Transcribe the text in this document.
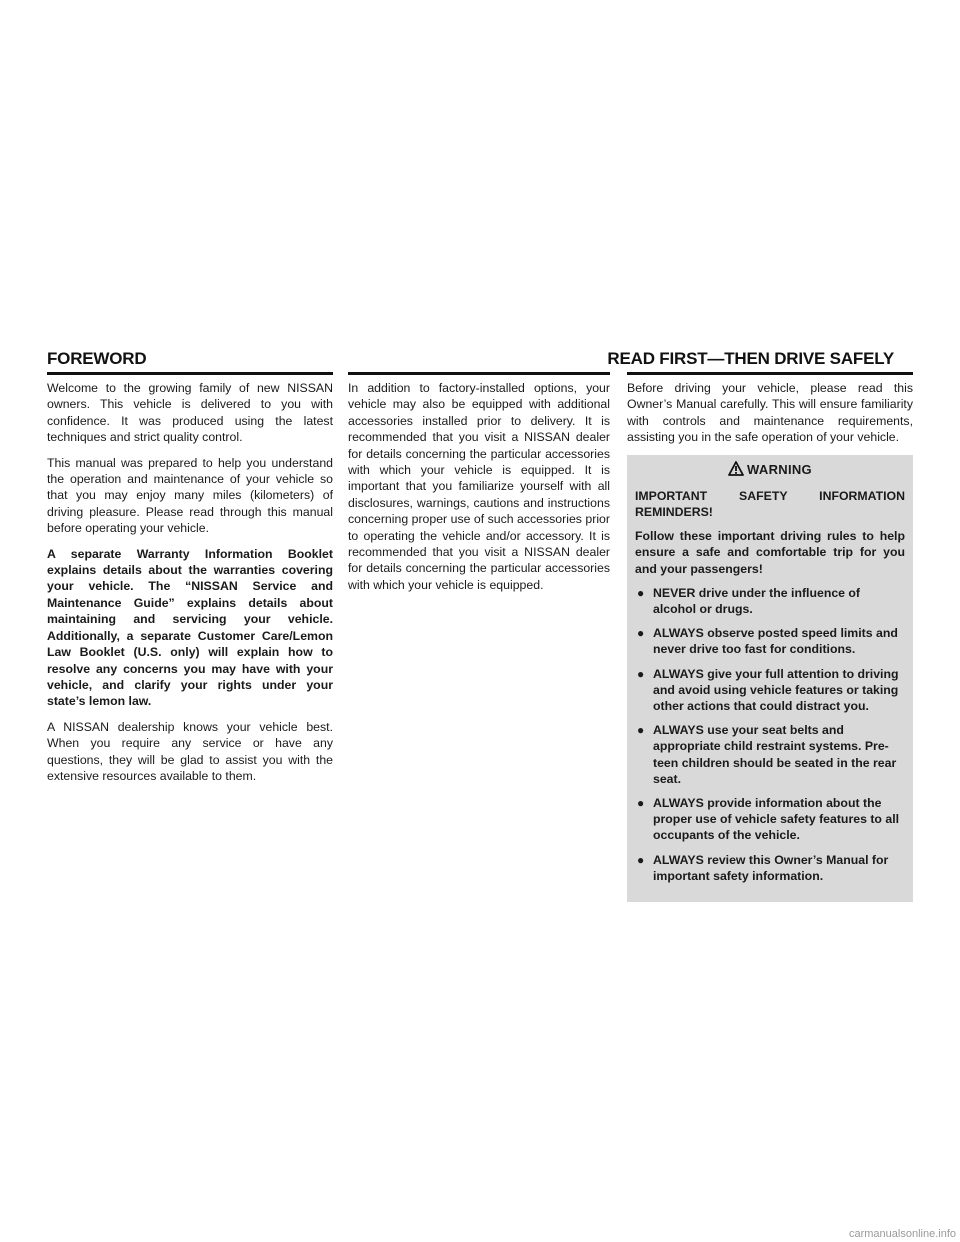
FOREWORD	READ FIRST—THEN DRIVE SAFELY

Welcome to the growing family of new NISSAN owners. This vehicle is delivered to you with confidence. It was produced using the latest techniques and strict quality control.

This manual was prepared to help you understand the operation and maintenance of your vehicle so that you may enjoy many miles (kilometers) of driving pleasure. Please read through this manual before operating your vehicle.

A separate Warranty Information Booklet explains details about the warranties covering your vehicle. The “NISSAN Service and Maintenance Guide” explains details about maintaining and servicing your vehicle. Additionally, a separate Customer Care/Lemon Law Booklet (U.S. only) will explain how to resolve any concerns you may have with your vehicle, and clarify your rights under your state’s lemon law.

A NISSAN dealership knows your vehicle best. When you require any service or have any questions, they will be glad to assist you with the extensive resources available to them.

In addition to factory-installed options, your vehicle may also be equipped with additional accessories installed prior to delivery. It is recommended that you visit a NISSAN dealer for details concerning the particular accessories with which your vehicle is equipped. It is important that you familiarize yourself with all disclosures, warnings, cautions and instructions concerning proper use of such accessories prior to operating the vehicle and/or accessory. It is recommended that you visit a NISSAN dealer for details concerning the particular accessories with which your vehicle is equipped.

Before driving your vehicle, please read this Owner’s Manual carefully. This will ensure familiarity with controls and maintenance requirements, assisting you in the safe operation of your vehicle.

WARNING

IMPORTANT SAFETY INFORMATION REMINDERS!

Follow these important driving rules to help ensure a safe and comfortable trip for you and your passengers!

● NEVER drive under the influence of alcohol or drugs.
● ALWAYS observe posted speed limits and never drive too fast for conditions.
● ALWAYS give your full attention to driving and avoid using vehicle features or taking other actions that could distract you.
● ALWAYS use your seat belts and appropriate child restraint systems. Pre-teen children should be seated in the rear seat.
● ALWAYS provide information about the proper use of vehicle safety features to all occupants of the vehicle.
● ALWAYS review this Owner’s Manual for important safety information.
carmanualsonline.info
